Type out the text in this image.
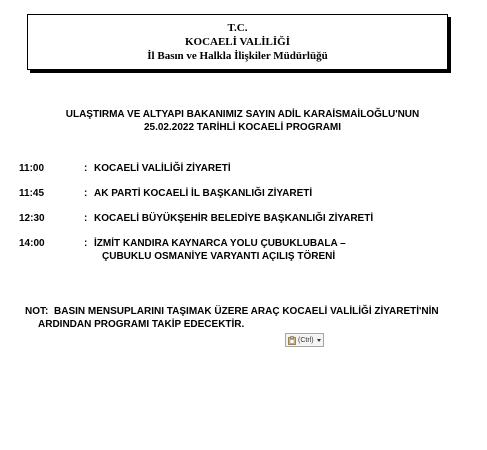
T.C.
KOCAELİ VALİLİĞİ
İl Basın ve Halkla İlişkiler Müdürlüğü
ULAŞTIRMA VE ALTYAPI BAKANIMIZ SAYIN ADİL KARAİSMAİLOĞLU'NUN
25.02.2022 TARİHLİ KOCAELİ PROGRAMI
11:00	: KOCAELİ VALİLİĞİ ZİYARETİ
11:45	: AK PARTİ KOCAELİ İL BAŞKANLIĞI ZİYARETİ
12:30	: KOCAELİ BÜYÜKŞEHİR BELEDİYE BAŞKANLIĞI ZİYARETİ
14:00	: İZMİT KANDIRA KAYNARCA YOLU ÇUBUKLUBALA –
ÇUBUKLU OSMANİYE VARYANTI AÇILIŞ TÖRENİ
NOT: BASIN MENSUPLARINI TAŞIMAK ÜZERE ARAÇ KOCAELİ VALİLİĞİ ZİYARETİ'NİN
ARDINDAN PROGRAMI TAKİP EDECEKTİR.
(Ctrl)
